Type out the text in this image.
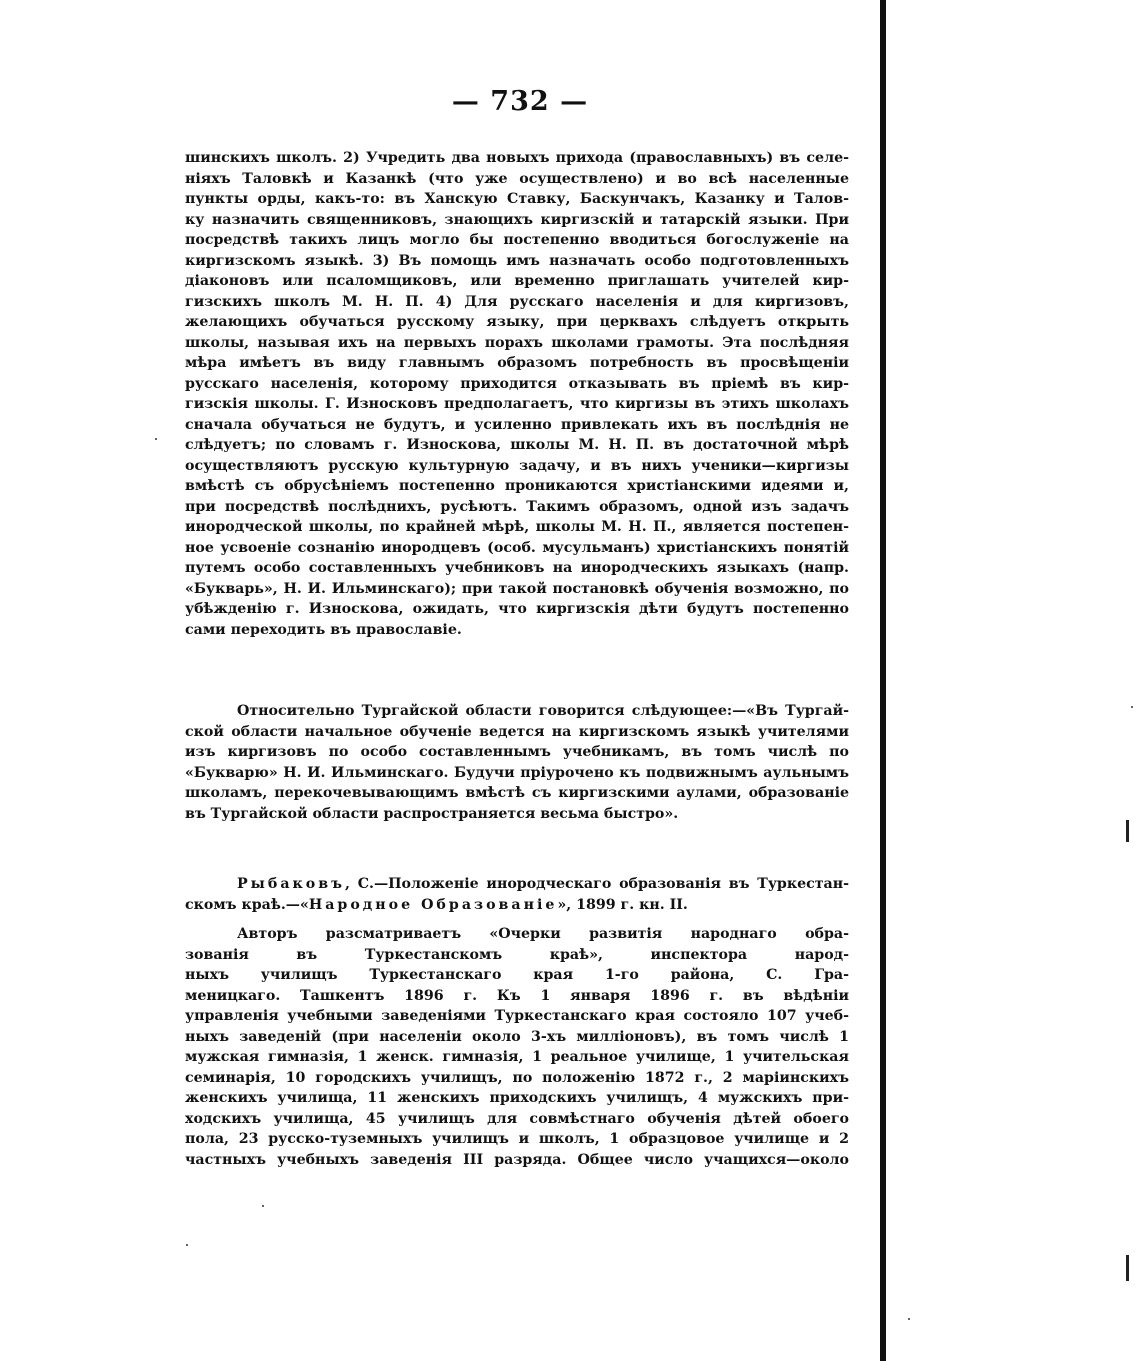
— 732 —
шинскихъ школъ. 2) Учредить два новыхъ прихода (православныхъ) въ селе-
ніяхъ Таловкѣ и Казанкѣ (что уже осуществлено) и во всѣ населенные
пункты орды, какъ-то: въ Ханскую Ставку, Баскунчакъ, Казанку и Талов-
ку назначить священниковъ, знающихъ киргизскій и татарскій языки. При
посредствѣ такихъ лицъ могло бы постепенно вводиться богослуженіе на
киргизскомъ языкѣ. 3) Въ помощь имъ назначать особо подготовленныхъ
діаконовъ или псаломщиковъ, или временно приглашать учителей кир-
гизскихъ школъ М. Н. П. 4) Для русскаго населенія и для киргизовъ,
желающихъ обучаться русскому языку, при церквахъ слѣдуетъ открыть
школы, называя ихъ на первыхъ порахъ школами грамоты. Эта послѣдняя
мѣра имѣетъ въ виду главнымъ образомъ потребность въ просвѣщеніи
русскаго населенія, которому приходится отказывать въ пріемѣ въ кир-
гизскія школы. Г. Износковъ предполагаетъ, что киргизы въ этихъ школахъ
сначала обучаться не будутъ, и усиленно привлекать ихъ въ послѣднія не
слѣдуетъ; по словамъ г. Износкова, школы М. Н. П. въ достаточной мѣрѣ
осуществляютъ русскую культурную задачу, и въ нихъ ученики—киргизы
вмѣстѣ съ обрусѣніемъ постепенно проникаются христіанскими идеями и,
при посредствѣ послѣднихъ, русѣютъ. Такимъ образомъ, одной изъ задачъ
инородческой школы, по крайней мѣрѣ, школы М. Н. П., является постепен-
ное усвоеніе сознанію инородцевъ (особ. мусульманъ) христіанскихъ понятій
путемъ особо составленныхъ учебниковъ на инородческихъ языкахъ (напр.
«Букварь», Н. И. Ильминскаго); при такой постановкѣ обученія возможно, по
убѣжденію г. Износкова, ожидать, что киргизскія дѣти будутъ постепенно
сами переходить въ православіе.
Относительно Тургайской области говорится слѣдующее:—«Въ Тургай-
ской области начальное обученіе ведется на киргизскомъ языкѣ учителями
изъ киргизовъ по особо составленнымъ учебникамъ, въ томъ числѣ по
«Букварю» Н. И. Ильминскаго. Будучи пріурочено къ подвижнымъ аульнымъ
школамъ, перекочевывающимъ вмѣстѣ съ киргизскими аулами, образованіе
въ Тургайской области распространяется весьма быстро».
Рыбаковъ, С.—Положеніе инородческаго образованія въ Туркестан-
скомъ краѣ.—«Народное Образованіе», 1899 г. кн. II.
Авторъ разсматриваетъ «Очерки развитія народнаго обра-
зованія въ Туркестанскомъ краѣ», инспектора народ-
ныхъ училищъ Туркестанскаго края 1-го района, С. Гра-
меницкаго. Ташкентъ 1896 г. Къ 1 января 1896 г. въ вѣдѣніи
управленія учебными заведеніями Туркестанскаго края состояло 107 учеб-
ныхъ заведеній (при населеніи около 3-хъ милліоновъ), въ томъ числѣ 1
мужская гимназія, 1 женск. гимназія, 1 реальное училище, 1 учительская
семинарія, 10 городскихъ училищъ, по положенію 1872 г., 2 маріинскихъ
женскихъ училища, 11 женскихъ приходскихъ училищъ, 4 мужскихъ при-
ходскихъ училища, 45 училищъ для совмѣстнаго обученія дѣтей обоего
пола, 23 русско-туземныхъ училищъ и школъ, 1 образцовое училище и 2
частныхъ учебныхъ заведенія III разряда. Общее число учащихся—около
